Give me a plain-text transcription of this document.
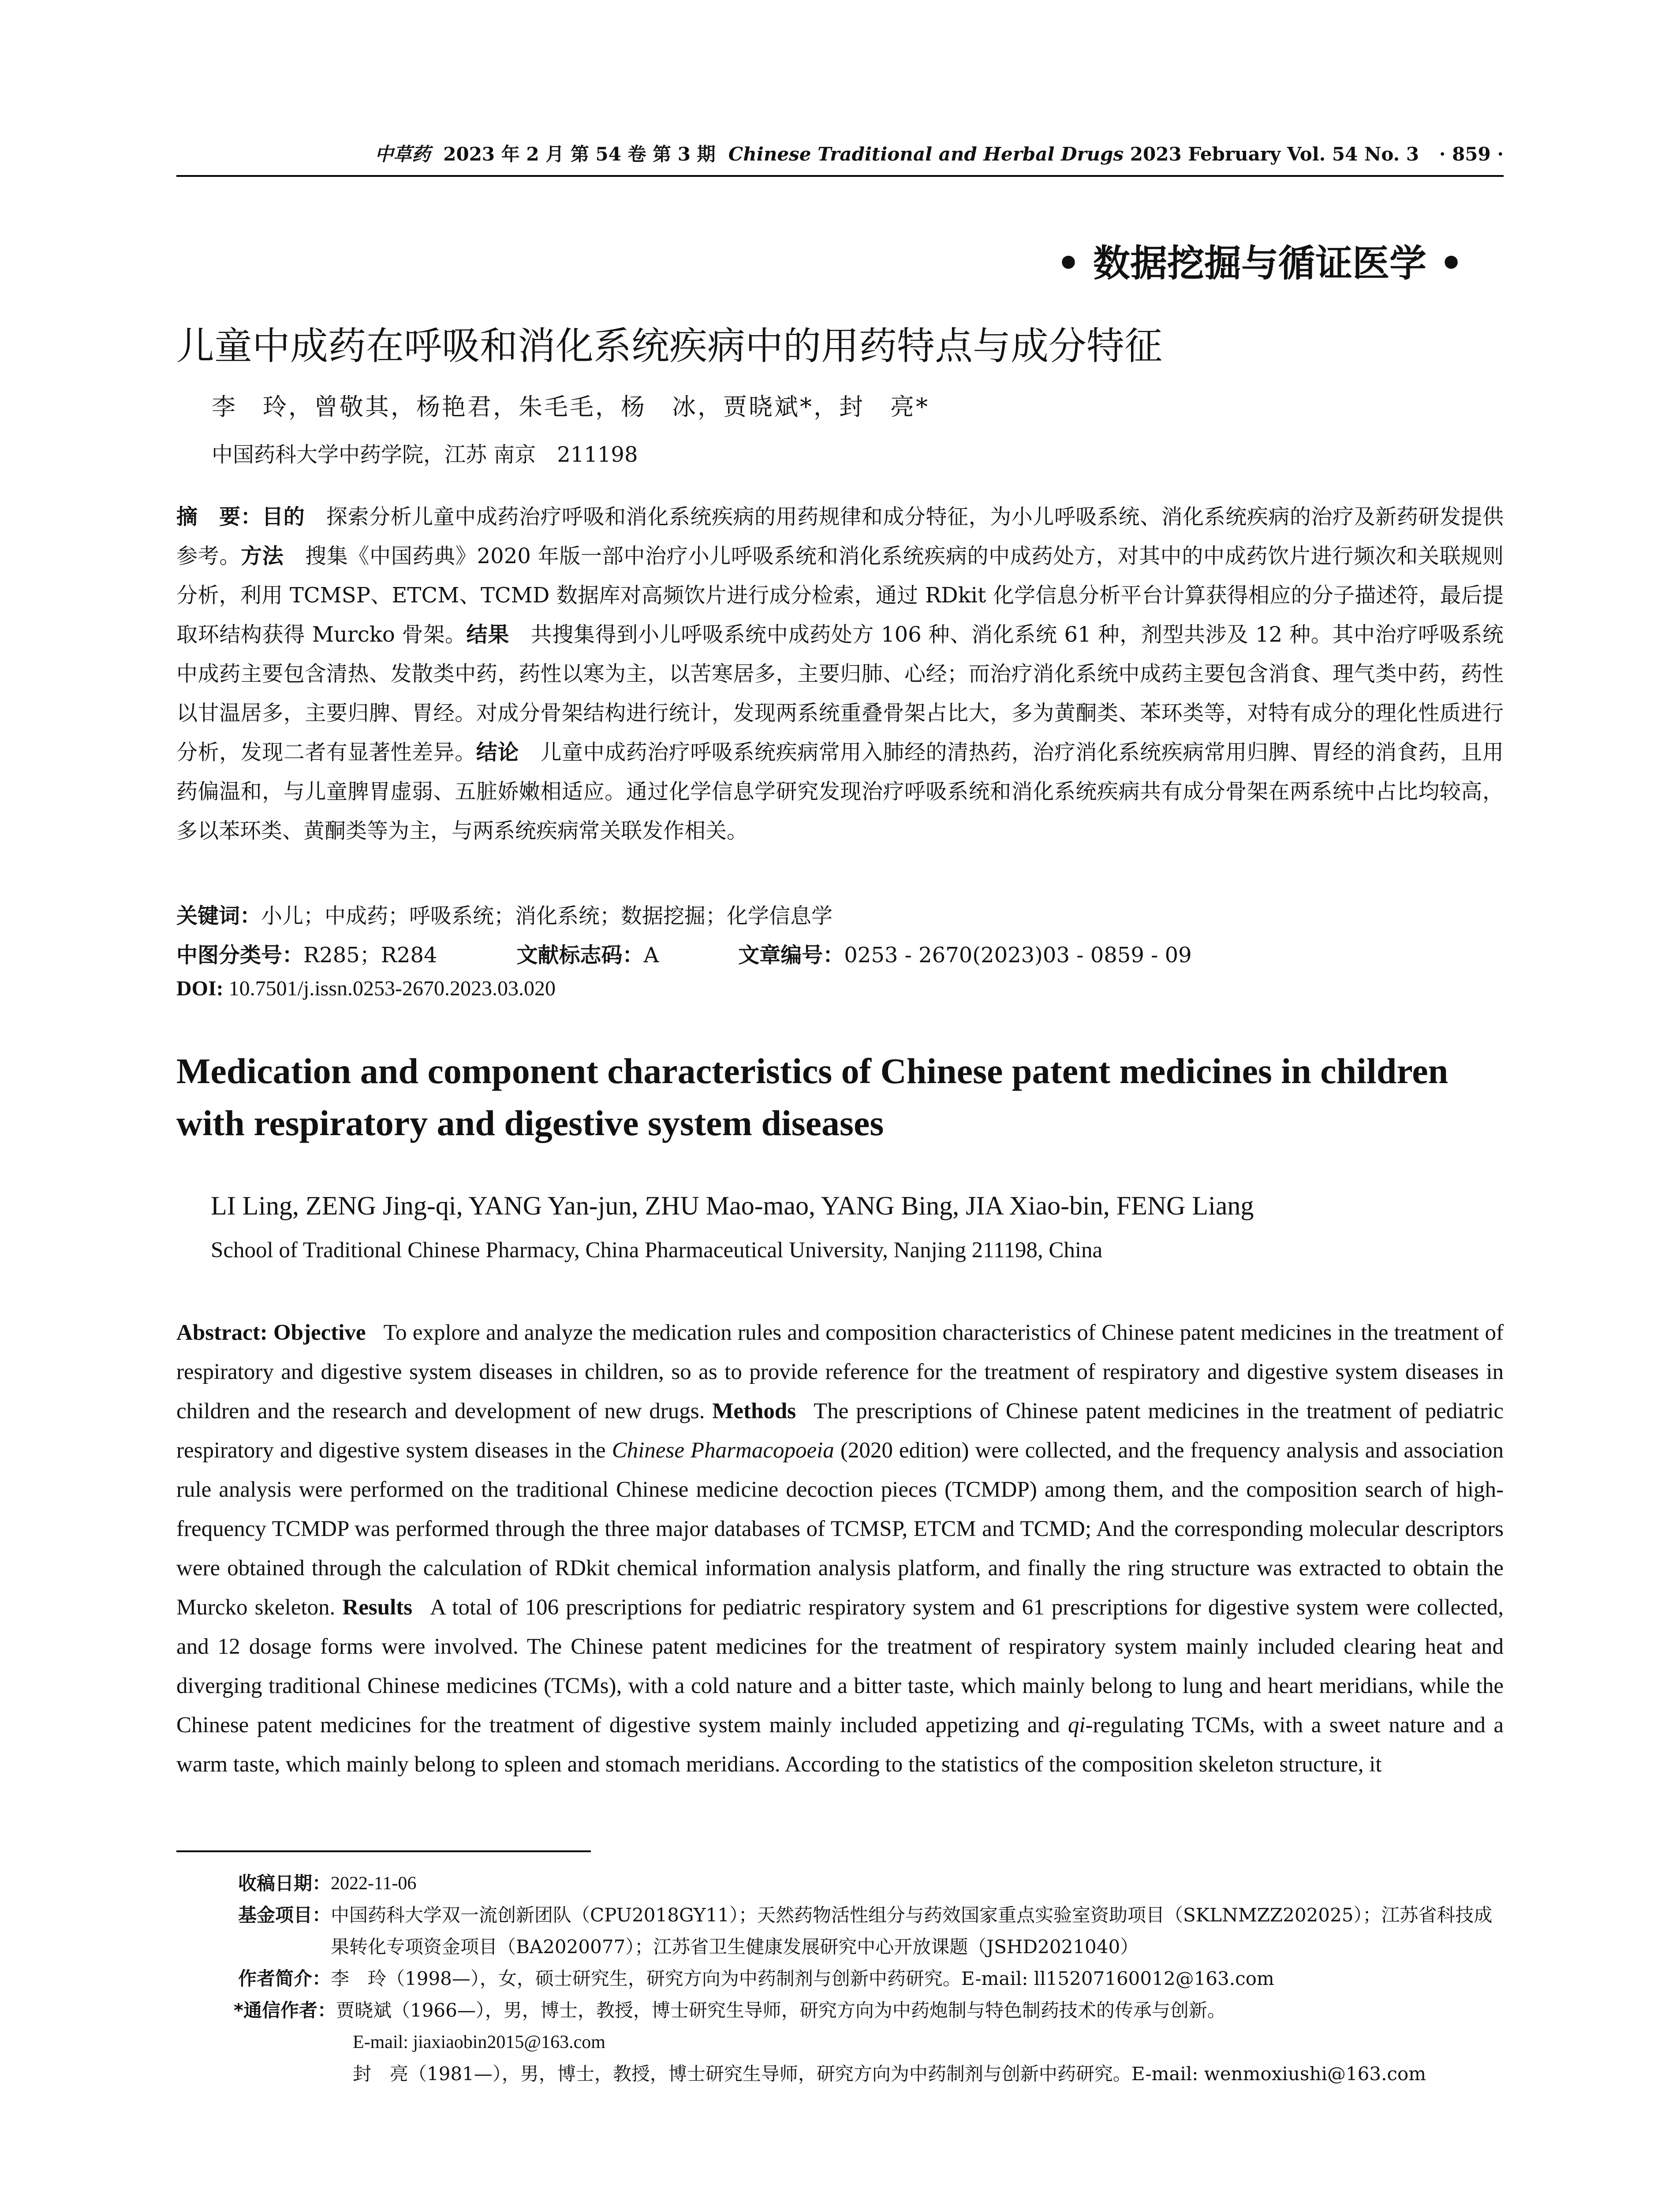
中草药 2023 年 2 月 第 54 卷 第 3 期 Chinese Traditional and Herbal Drugs 2023 February Vol. 54 No. 3 · 859 ·
• 数据挖掘与循证医学 •
儿童中成药在呼吸和消化系统疾病中的用药特点与成分特征
李　玲，曾敬其，杨艳君，朱毛毛，杨　冰，贾晓斌*，封　亮*
中国药科大学中药学院，江苏 南京　211198
摘　要：目的　 探索分析儿童中成药治疗呼吸和消化系统疾病的用药规律和成分特征，为小儿呼吸系统、消化系统疾病的治疗及新药研发提供参考。方法　 搜集《中国药典》2020 年版一部中治疗小儿呼吸系统和消化系统疾病的中成药处方，对其中的中成药饮片进行频次和关联规则分析，利用 TCMSP、ETCM、TCMD 数据库对高频饮片进行成分检索，通过 RDkit 化学信息分析平台计算获得相应的分子描述符，最后提取环结构获得 Murcko 骨架。结果　 共搜集得到小儿呼吸系统中成药处方 106 种、消化系统 61 种，剂型共涉及 12 种。其中治疗呼吸系统中成药主要包含清热、发散类中药，药性以寒为主，以苦寒居多，主要归肺、心经；而治疗消化系统中成药主要包含消食、理气类中药，药性以甘温居多，主要归脾、胃经。对成分骨架结构进行统计，发现两系统重叠骨架占比大，多为黄酮类、苯环类等，对特有成分的理化性质进行分析，发现二者有显著性差异。结论　 儿童中成药治疗呼吸系统疾病常用入肺经的清热药，治疗消化系统疾病常用归脾、胃经的消食药，且用药偏温和，与儿童脾胃虚弱、五脏娇嫩相适应。通过化学信息学研究发现治疗呼吸系统和消化系统疾病共有成分骨架在两系统中占比均较高，多以苯环类、黄酮类等为主，与两系统疾病常关联发作相关。
关键词：小儿；中成药；呼吸系统；消化系统；数据挖掘；化学信息学
中图分类号：R285；R284	文献标志码：A	文章编号：0253 - 2670(2023)03 - 0859 - 09
DOI: 10.7501/j.issn.0253-2670.2023.03.020
Medication and component characteristics of Chinese patent medicines in children with respiratory and digestive system diseases
LI Ling, ZENG Jing-qi, YANG Yan-jun, ZHU Mao-mao, YANG Bing, JIA Xiao-bin, FENG Liang
School of Traditional Chinese Pharmacy, China Pharmaceutical University, Nanjing 211198, China
Abstract: Objective To explore and analyze the medication rules and composition characteristics of Chinese patent medicines in the treatment of respiratory and digestive system diseases in children, so as to provide reference for the treatment of respiratory and digestive system diseases in children and the research and development of new drugs. Methods The prescriptions of Chinese patent medicines in the treatment of pediatric respiratory and digestive system diseases in the Chinese Pharmacopoeia (2020 edition) were collected, and the frequency analysis and association rule analysis were performed on the traditional Chinese medicine decoction pieces (TCMDP) among them, and the composition search of high-frequency TCMDP was performed through the three major databases of TCMSP, ETCM and TCMD; And the corresponding molecular descriptors were obtained through the calculation of RDkit chemical information analysis platform, and finally the ring structure was extracted to obtain the Murcko skeleton. Results A total of 106 prescriptions for pediatric respiratory system and 61 prescriptions for digestive system were collected, and 12 dosage forms were involved. The Chinese patent medicines for the treatment of respiratory system mainly included clearing heat and diverging traditional Chinese medicines (TCMs), with a cold nature and a bitter taste, which mainly belong to lung and heart meridians, while the Chinese patent medicines for the treatment of digestive system mainly included appetizing and qi-regulating TCMs, with a sweet nature and a warm taste, which mainly belong to spleen and stomach meridians. According to the statistics of the composition skeleton structure, it
收稿日期： 2022-11-06
基金项目： 中国药科大学双一流创新团队（CPU2018GY11）；天然药物活性组分与药效国家重点实验室资助项目（SKLNMZZ202025）；江苏省科技成果转化专项资金项目（BA2020077）；江苏省卫生健康发展研究中心开放课题（JSHD2021040）
作者简介： 李　玲（1998—），女，硕士研究生，研究方向为中药制剂与创新中药研究。E-mail: ll15207160012@163.com
*通信作者： 贾晓斌（1966—），男，博士，教授，博士研究生导师，研究方向为中药炮制与特色制药技术的传承与创新。
E-mail: jiaxiaobin2015@163.com
封　亮（1981—），男，博士，教授，博士研究生导师，研究方向为中药制剂与创新中药研究。E-mail: wenmoxiushi@163.com
